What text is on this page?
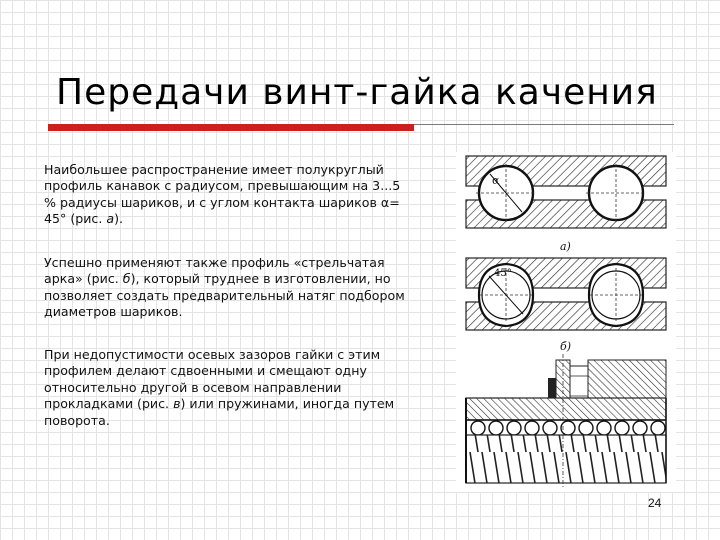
Передачи винт-гайка качения
Наибольшее распространение имеет полукруглый
профиль канавок с радиусом, превышающим на 3...5
% радиусы шариков, и с углом контакта шариков α=
45° (рис. а).
Успешно применяют также профиль «стрельчатая
арка» (рис. б), который труднее в изготовлении, но
позволяет создать предварительный натяг подбором
диаметров шариков.
При недопустимости осевых зазоров гайки с этим
профилем делают сдвоенными и смещают одну
относительно другой в осевом направлении
прокладками (рис. в) или пружинами, иногда путем
поворота.
α
а)
45°
б)
24
